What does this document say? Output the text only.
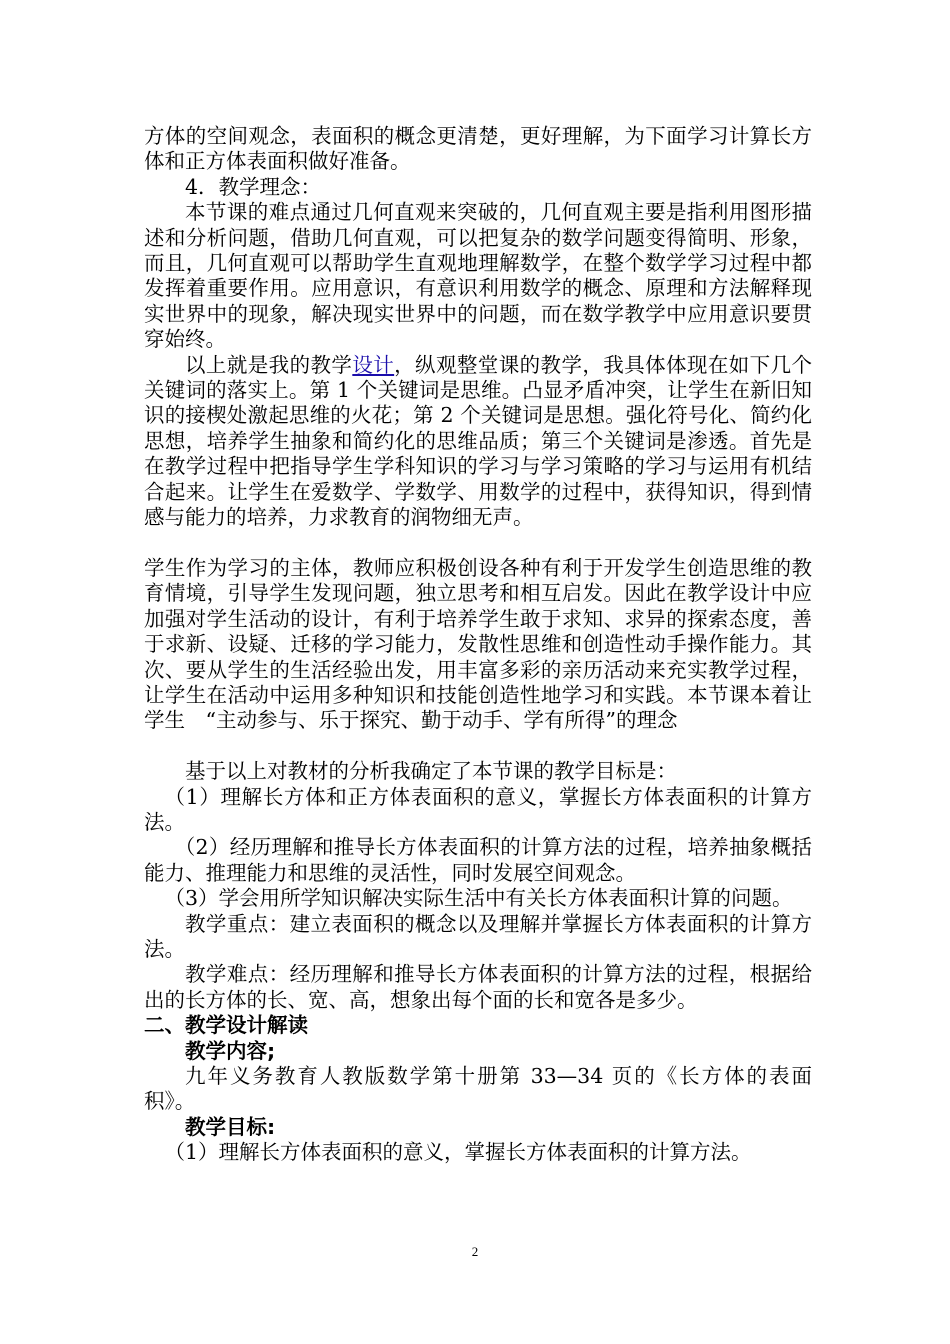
方体的空间观念，表面积的概念更清楚，更好理解，为下面学习计算长方体和正方体表面积做好准备。

4．教学理念：

本节课的难点通过几何直观来突破的，几何直观主要是指利用图形描述和分析问题，借助几何直观，可以把复杂的数学问题变得简明、形象，而且，几何直观可以帮助学生直观地理解数学，在整个数学学习过程中都发挥着重要作用。应用意识，有意识利用数学的概念、原理和方法解释现实世界中的现象，解决现实世界中的问题，而在数学教学中应用意识要贯穿始终。

以上就是我的教学设计，纵观整堂课的教学，我具体体现在如下几个关键词的落实上。第 1 个关键词是思维。凸显矛盾冲突，让学生在新旧知识的接楔处激起思维的火花；第 2 个关键词是思想。强化符号化、简约化思想，培养学生抽象和简约化的思维品质；第三个关键词是渗透。首先是在教学过程中把指导学生学科知识的学习与学习策略的学习与运用有机结合起来。让学生在爱数学、学数学、用数学的过程中，获得知识，得到情感与能力的培养，力求教育的润物细无声。

学生作为学习的主体，教师应积极创设各种有利于开发学生创造思维的教育情境，引导学生发现问题，独立思考和相互启发。因此在教学设计中应加强对学生活动的设计，有利于培养学生敢于求知、求异的探索态度，善于求新、设疑、迁移的学习能力，发散性思维和创造性动手操作能力。其次、要从学生的生活经验出发，用丰富多彩的亲历活动来充实教学过程，让学生在活动中运用多种知识和技能创造性地学习和实践。本节课本着让学生　“主动参与、乐于探究、勤于动手、学有所得”的理念

基于以上对教材的分析我确定了本节课的教学目标是：

（1）理解长方体和正方体表面积的意义，掌握长方体表面积的计算方法。

（2）经历理解和推导长方体表面积的计算方法的过程，培养抽象概括能力、推理能力和思维的灵活性，同时发展空间观念。

（3）学会用所学知识解决实际生活中有关长方体表面积计算的问题。

教学重点：建立表面积的概念以及理解并掌握长方体表面积的计算方法。

教学难点：经历理解和推导长方体表面积的计算方法的过程，根据给出的长方体的长、宽、高，想象出每个面的长和宽各是多少。

二、教学设计解读

教学内容;

九年义务教育人教版数学第十册第 33—34 页的《长方体的表面积》。

教学目标:

（1）理解长方体表面积的意义，掌握长方体表面积的计算方法。

2
